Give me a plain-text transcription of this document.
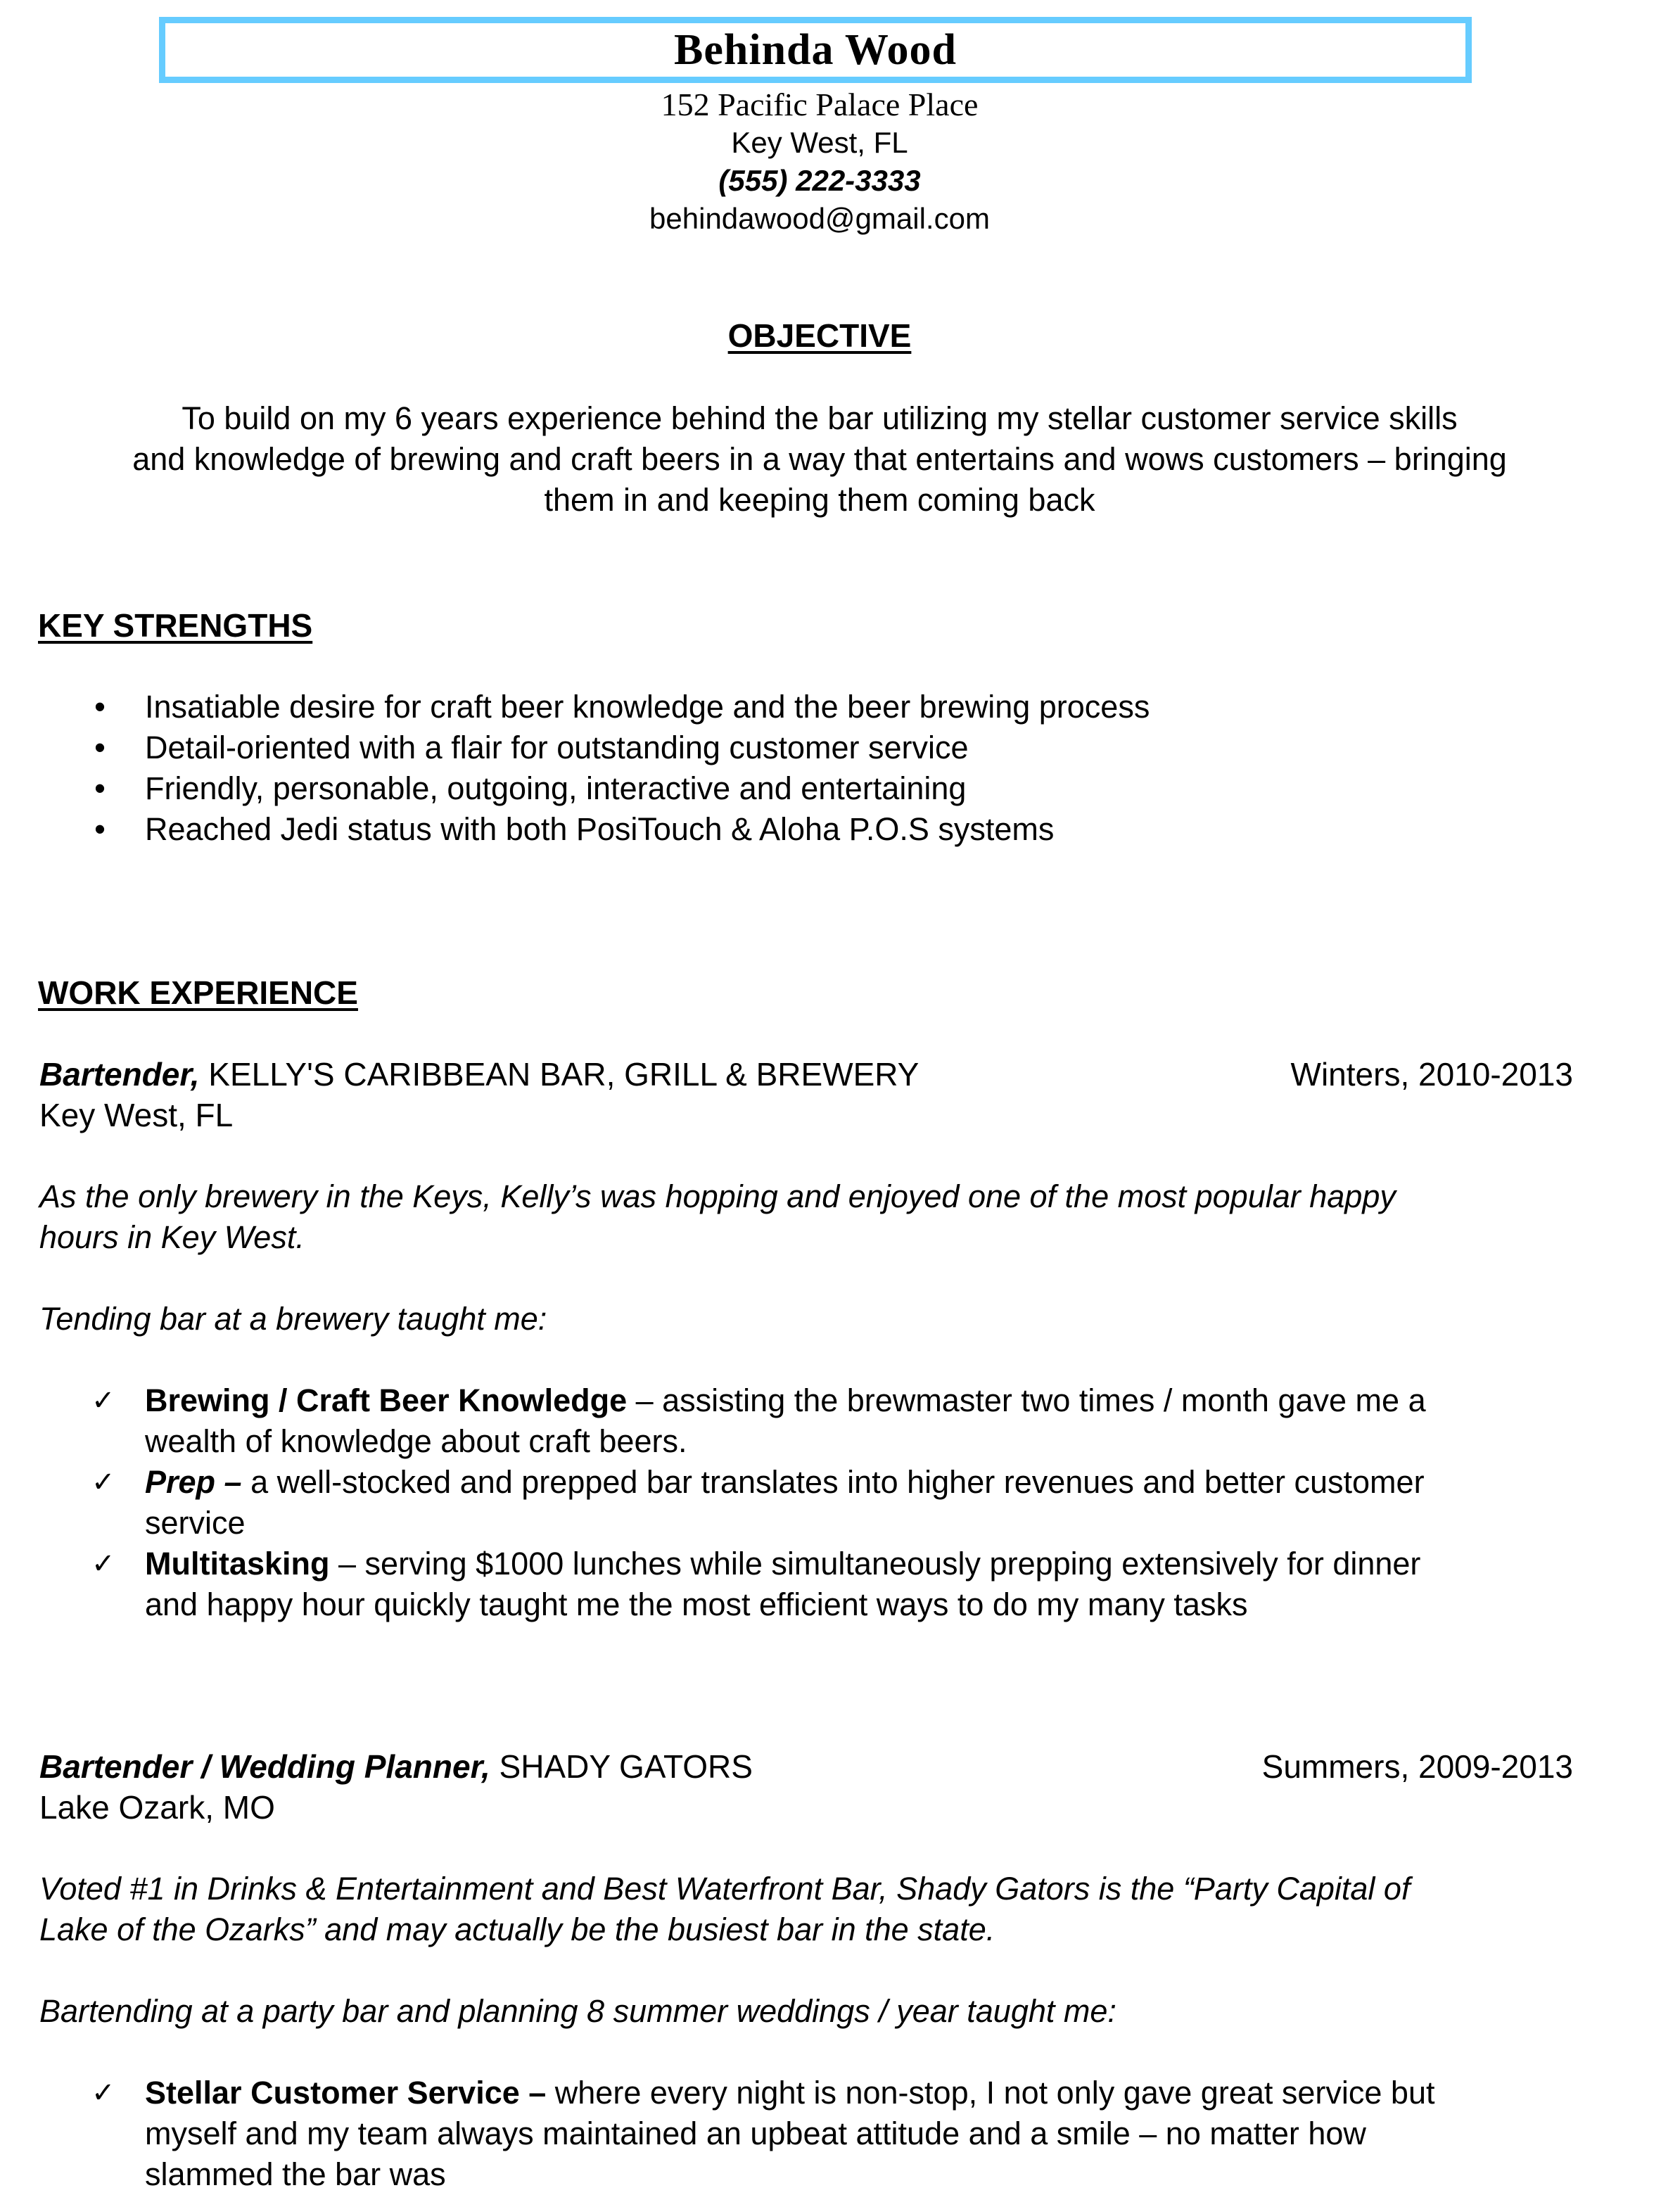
Behinda Wood
152 Pacific Palace Place
Key West, FL
(555) 222-3333
behindawood@gmail.com
OBJECTIVE
To build on my 6 years experience behind the bar utilizing my stellar customer service skills
and knowledge of brewing and craft beers in a way that entertains and wows customers – bringing
them in and keeping them coming back
KEY STRENGTHS
• Insatiable desire for craft beer knowledge and the beer brewing process
• Detail-oriented with a flair for outstanding customer service
• Friendly, personable, outgoing, interactive and entertaining
• Reached Jedi status with both PosiTouch & Aloha P.O.S systems
WORK EXPERIENCE
Bartender, KELLY'S CARIBBEAN BAR, GRILL & BREWERY	Winters, 2010-2013
Key West, FL
As the only brewery in the Keys, Kelly’s was hopping and enjoyed one of the most popular happy
hours in Key West.
Tending bar at a brewery taught me:
✓ Brewing / Craft Beer Knowledge – assisting the brewmaster two times / month gave me a
wealth of knowledge about craft beers.
✓ Prep – a well-stocked and prepped bar translates into higher revenues and better customer
service
✓ Multitasking – serving $1000 lunches while simultaneously prepping extensively for dinner
and happy hour quickly taught me the most efficient ways to do my many tasks
Bartender / Wedding Planner, SHADY GATORS	Summers, 2009-2013
Lake Ozark, MO
Voted #1 in Drinks & Entertainment and Best Waterfront Bar, Shady Gators is the “Party Capital of
Lake of the Ozarks” and may actually be the busiest bar in the state.
Bartending at a party bar and planning 8 summer weddings / year taught me:
✓ Stellar Customer Service – where every night is non-stop, I not only gave great service but
myself and my team always maintained an upbeat attitude and a smile – no matter how
slammed the bar was
